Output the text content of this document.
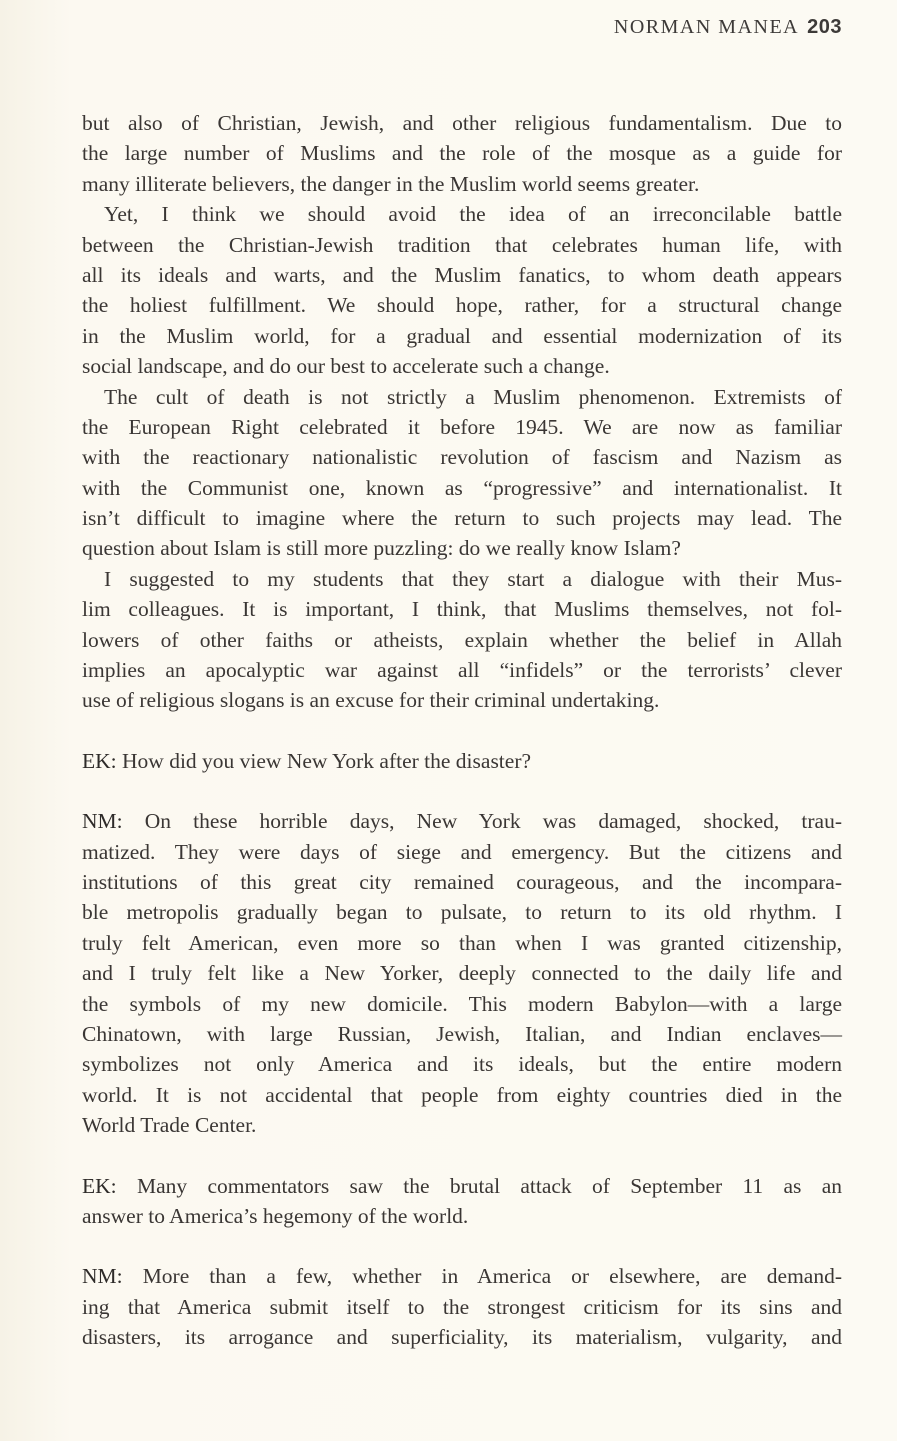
NORMAN MANEA 203
but also of Christian, Jewish, and other religious fundamentalism. Due to
the large number of Muslims and the role of the mosque as a guide for
many illiterate believers, the danger in the Muslim world seems greater.
Yet, I think we should avoid the idea of an irreconcilable battle
between the Christian-Jewish tradition that celebrates human life, with
all its ideals and warts, and the Muslim fanatics, to whom death appears
the holiest fulfillment. We should hope, rather, for a structural change
in the Muslim world, for a gradual and essential modernization of its
social landscape, and do our best to accelerate such a change.
The cult of death is not strictly a Muslim phenomenon. Extremists of
the European Right celebrated it before 1945. We are now as familiar
with the reactionary nationalistic revolution of fascism and Nazism as
with the Communist one, known as “progressive” and internationalist. It
isn’t difficult to imagine where the return to such projects may lead. The
question about Islam is still more puzzling: do we really know Islam?
I suggested to my students that they start a dialogue with their Mus-
lim colleagues. It is important, I think, that Muslims themselves, not fol-
lowers of other faiths or atheists, explain whether the belief in Allah
implies an apocalyptic war against all “infidels” or the terrorists’ clever
use of religious slogans is an excuse for their criminal undertaking.
EK: How did you view New York after the disaster?
NM: On these horrible days, New York was damaged, shocked, trau-
matized. They were days of siege and emergency. But the citizens and
institutions of this great city remained courageous, and the incompara-
ble metropolis gradually began to pulsate, to return to its old rhythm. I
truly felt American, even more so than when I was granted citizenship,
and I truly felt like a New Yorker, deeply connected to the daily life and
the symbols of my new domicile. This modern Babylon—with a large
Chinatown, with large Russian, Jewish, Italian, and Indian enclaves—
symbolizes not only America and its ideals, but the entire modern
world. It is not accidental that people from eighty countries died in the
World Trade Center.
EK: Many commentators saw the brutal attack of September 11 as an
answer to America’s hegemony of the world.
NM: More than a few, whether in America or elsewhere, are demand-
ing that America submit itself to the strongest criticism for its sins and
disasters, its arrogance and superficiality, its materialism, vulgarity, and
